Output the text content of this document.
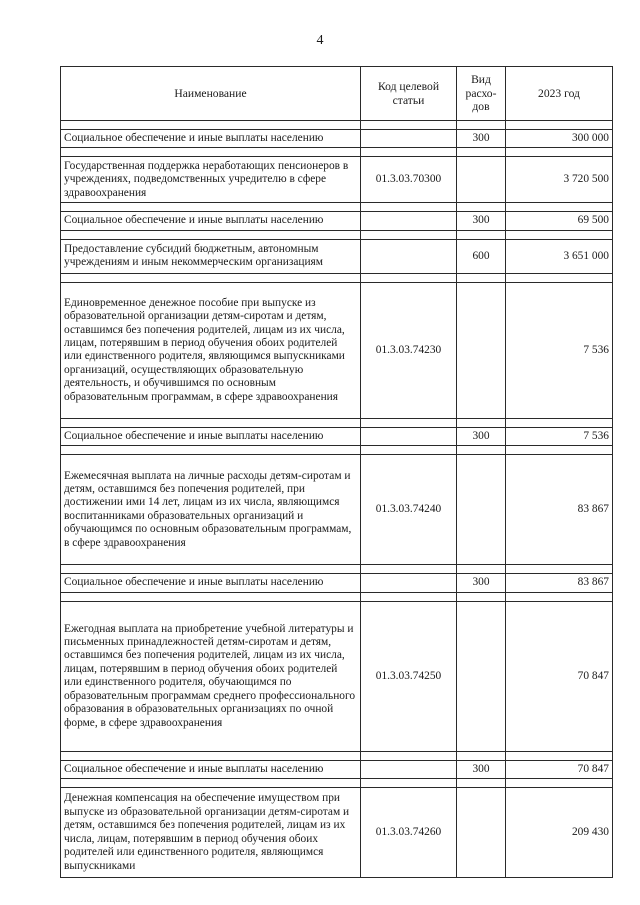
4
Наименование	Код целевой статьи	Вид
расхо-
дов	2023 год

Социальное обеспечение и иные выплаты населению		300	300 000

Государственная поддержка неработающих пенсионеров в учреждениях, подведомственных учредителю в сфере здравоохранения	01.3.03.70300		3 720 500

Социальное обеспечение и иные выплаты населению		300	69 500

Предоставление субсидий бюджетным, автономным учреждениям и иным некоммерческим организациям		600	3 651 000

Единовременное денежное пособие при выпуске из образовательной организации детям-сиротам и детям, оставшимся без попечения родителей, лицам из их числа, лицам, потерявшим в период обучения обоих родителей или единственного родителя, являющимся выпускниками организаций, осуществляющих образовательную деятельность, и обучившимся по основным образовательным программам, в сфере здравоохранения	01.3.03.74230		7 536

Социальное обеспечение и иные выплаты населению		300	7 536

Ежемесячная выплата на личные расходы детям-сиротам и детям, оставшимся без попечения родителей, при достижении ими 14 лет, лицам из их числа, являющимся воспитанниками образовательных организаций и обучающимся по основным образовательным программам, в сфере здравоохранения	01.3.03.74240		83 867

Социальное обеспечение и иные выплаты населению		300	83 867

Ежегодная выплата на приобретение учебной литературы и письменных принадлежностей детям-сиротам и детям, оставшимся без попечения родителей, лицам из их числа, лицам, потерявшим в период обучения обоих родителей или единственного родителя, обучающимся по образовательным программам среднего профессионального образования в образовательных организациях по очной форме, в сфере здравоохранения	01.3.03.74250		70 847

Социальное обеспечение и иные выплаты населению		300	70 847

Денежная компенсация на обеспечение имуществом при выпуске из образовательной организации детям-сиротам и детям, оставшимся без попечения родителей, лицам из их числа, лицам, потерявшим в период обучения обоих родителей или единственного родителя, являющимся выпускниками	01.3.03.74260		209 430
